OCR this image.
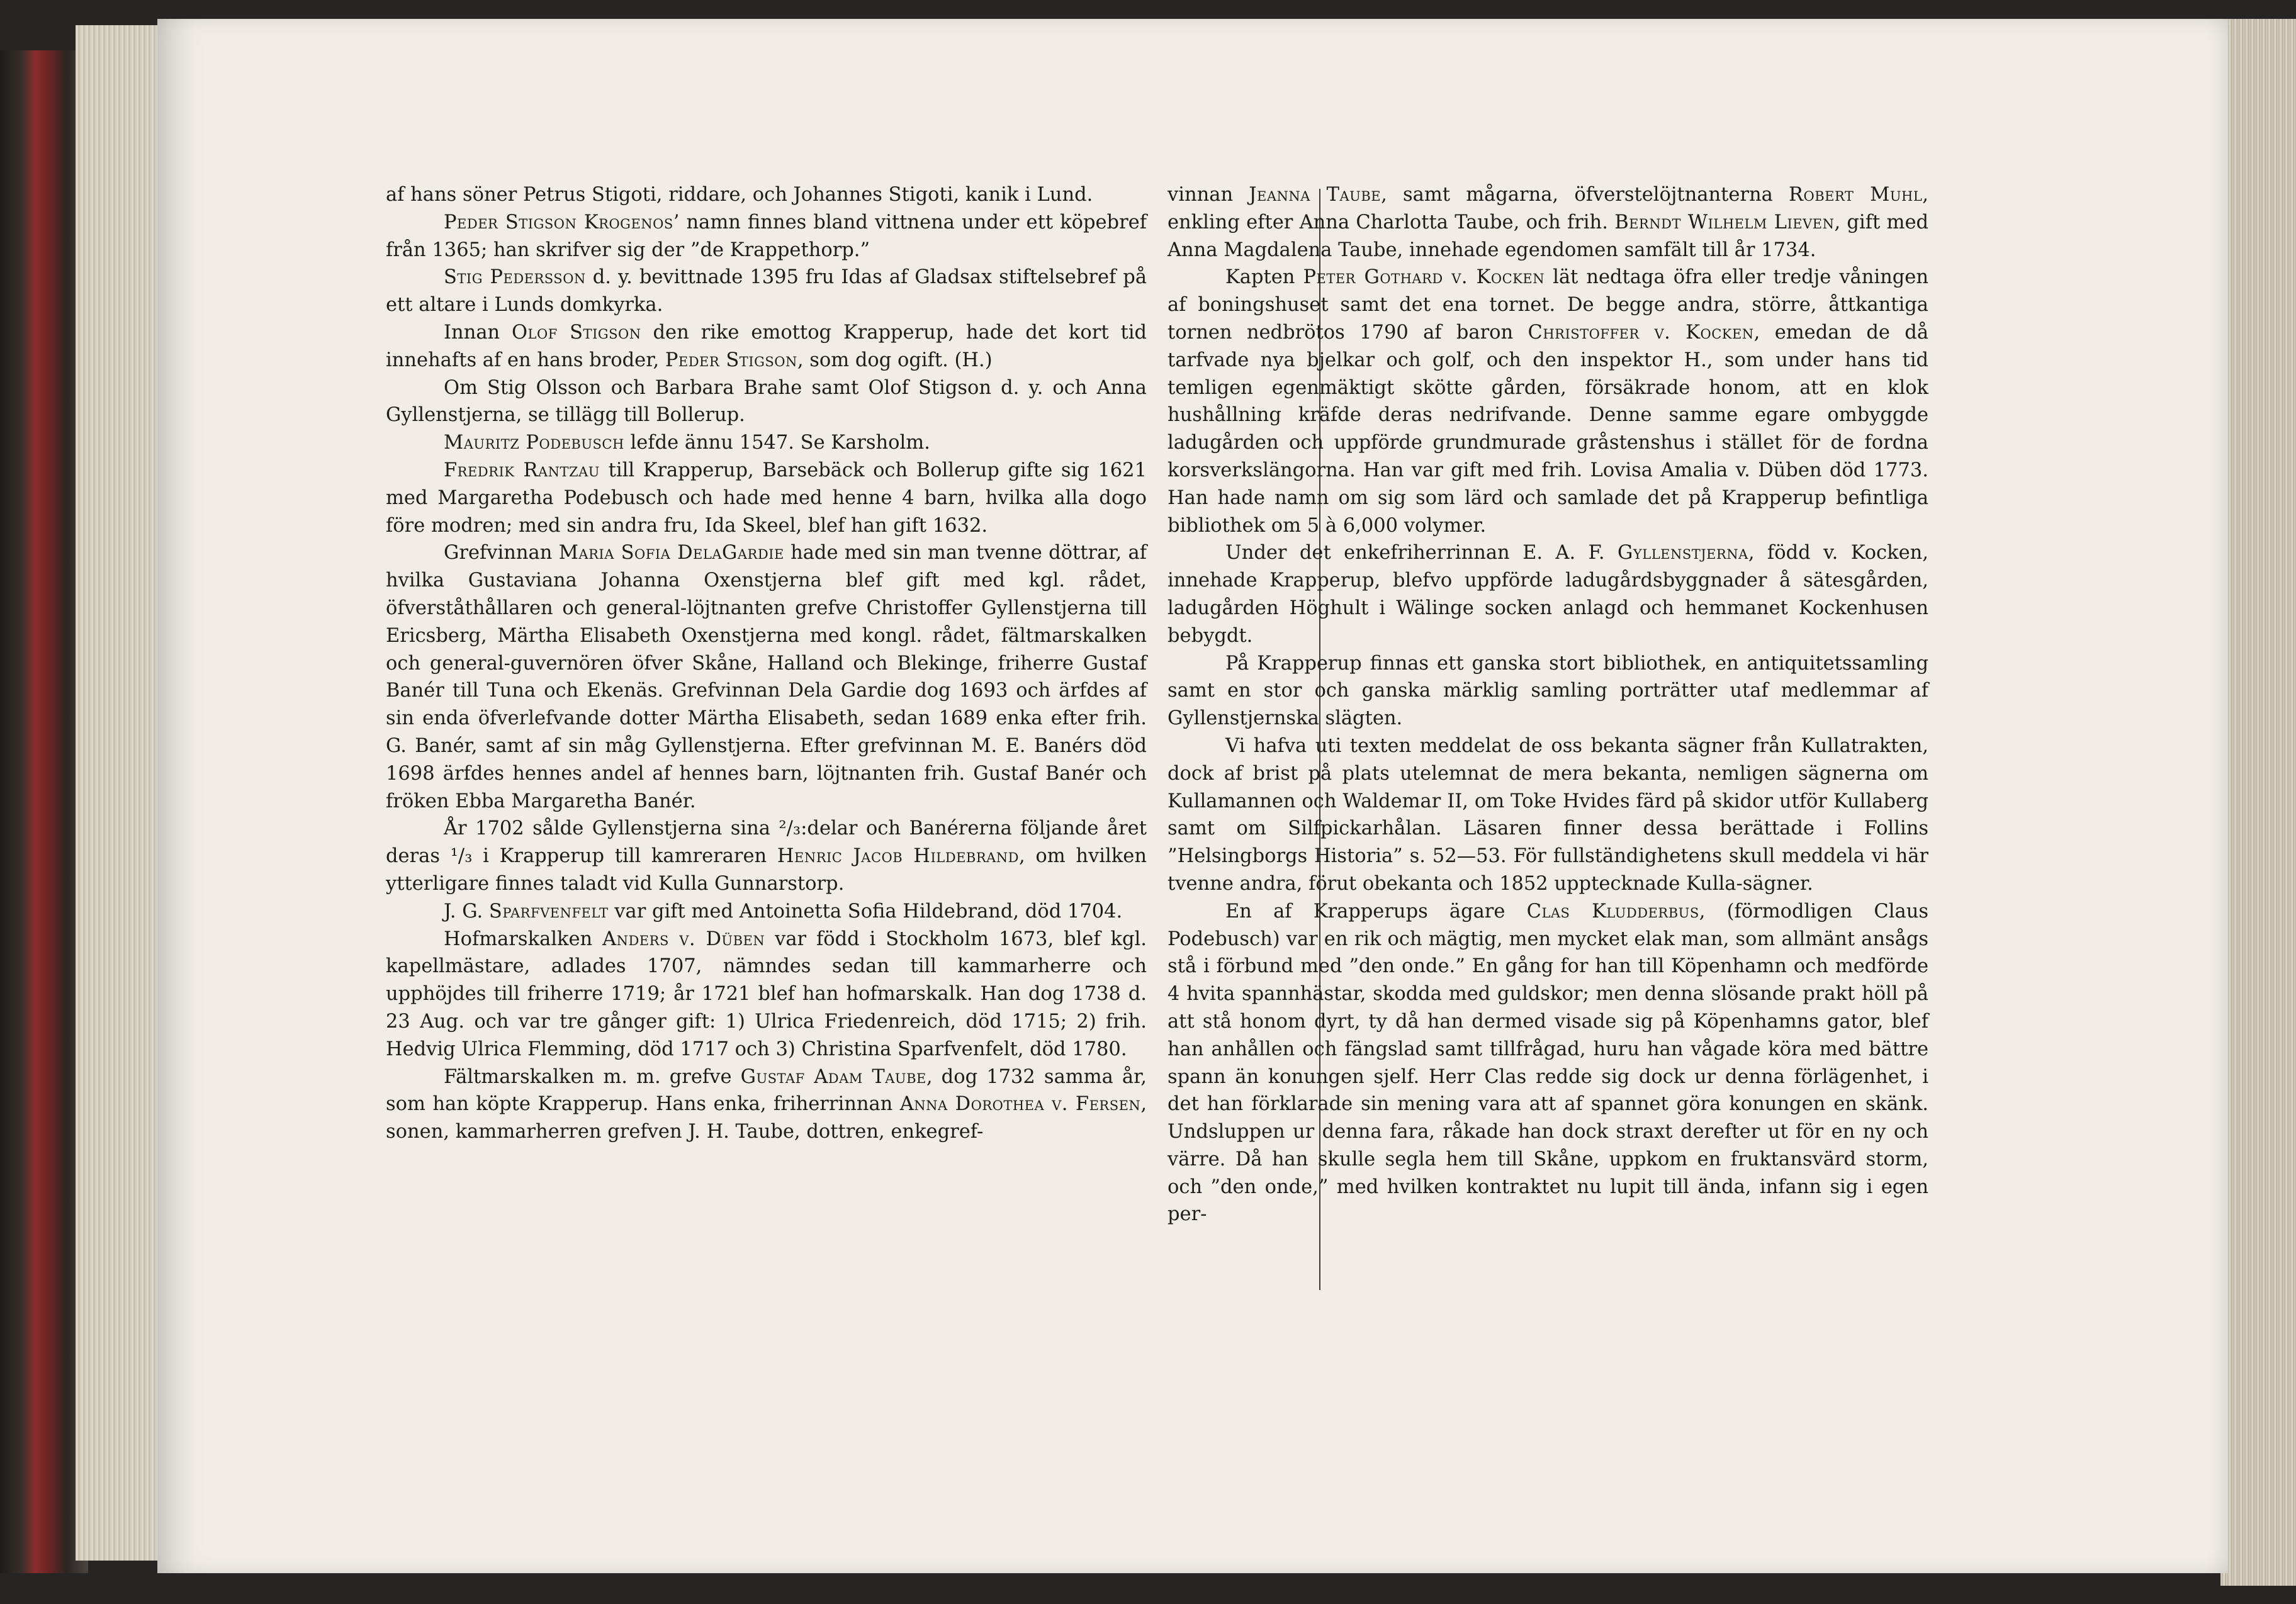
af hans söner Petrus Stigoti, riddare, och Johannes Stigoti, kanik i Lund.

Peder Stigson Krogenos’ namn finnes bland vittnena under ett köpebref från 1365; han skrifver sig der ”de Krappethorp.”

Stig Pedersson d. y. bevittnade 1395 fru Idas af Gladsax stiftelsebref på ett altare i Lunds domkyrka.

Innan Olof Stigson den rike emottog Krapperup, hade det kort tid innehafts af en hans broder, Peder Stigson, som dog ogift. (H.)

Om Stig Olsson och Barbara Brahe samt Olof Stigson d. y. och Anna Gyllenstjerna, se tillägg till Bollerup.

Mauritz Podebusch lefde ännu 1547. Se Karsholm.

Fredrik Rantzau till Krapperup, Barsebäck och Bollerup gifte sig 1621 med Margaretha Podebusch och hade med henne 4 barn, hvilka alla dogo före modren; med sin andra fru, Ida Skeel, blef han gift 1632.

Grefvinnan Maria Sofia DelaGardie hade med sin man tvenne döttrar, af hvilka Gustaviana Johanna Oxenstjerna blef gift med kgl. rådet, öfverståthållaren och general-löjtnanten grefve Christoffer Gyllenstjerna till Ericsberg, Märtha Elisabeth Oxenstjerna med kongl. rådet, fältmarskalken och general-guvernören öfver Skåne, Halland och Blekinge, friherre Gustaf Banér till Tuna och Ekenäs. Grefvinnan Dela Gardie dog 1693 och ärfdes af sin enda öfverlefvande dotter Märtha Elisabeth, sedan 1689 enka efter frih. G. Banér, samt af sin måg Gyllenstjerna. Efter grefvinnan M. E. Banérs död 1698 ärfdes hennes andel af hennes barn, löjtnanten frih. Gustaf Banér och fröken Ebba Margaretha Banér.

År 1702 sålde Gyllenstjerna sina ²/₃:delar och Banérerna följande året deras ¹/₃ i Krapperup till kamreraren Henric Jacob Hildebrand, om hvilken ytterligare finnes taladt vid Kulla Gunnarstorp.

J. G. Sparfvenfelt var gift med Antoinetta Sofia Hildebrand, död 1704.

Hofmarskalken Anders v. Düben var född i Stockholm 1673, blef kgl. kapellmästare, adlades 1707, nämndes sedan till kammarherre och upphöjdes till friherre 1719; år 1721 blef han hofmarskalk. Han dog 1738 d. 23 Aug. och var tre gånger gift: 1) Ulrica Friedenreich, död 1715; 2) frih. Hedvig Ulrica Flemming, död 1717 och 3) Christina Sparfvenfelt, död 1780.

Fältmarskalken m. m. grefve Gustaf Adam Taube, dog 1732 samma år, som han köpte Krapperup. Hans enka, friherrinnan Anna Dorothea v. Fersen, sonen, kammarherren grefven J. H. Taube, dottren, enkegref-

vinnan Jeanna Taube, samt mågarna, öfverstelöjtnanterna Robert Muhl, enkling efter Anna Charlotta Taube, och frih. Berndt Wilhelm Lieven, gift med Anna Magdalena Taube, innehade egendomen samfält till år 1734.

Kapten Peter Gothard v. Kocken lät nedtaga öfra eller tredje våningen af boningshuset samt det ena tornet. De begge andra, större, åttkantiga tornen nedbrötos 1790 af baron Christoffer v. Kocken, emedan de då tarfvade nya bjelkar och golf, och den inspektor H., som under hans tid temligen egenmäktigt skötte gården, försäkrade honom, att en klok hushållning kräfde deras nedrifvande. Denne samme egare ombyggde ladugården och uppförde grundmurade gråstenshus i stället för de fordna korsverkslängorna. Han var gift med frih. Lovisa Amalia v. Düben död 1773. Han hade namn om sig som lärd och samlade det på Krapperup befintliga bibliothek om 5 à 6,000 volymer.

Under det enkefriherrinnan E. A. F. Gyllenstjerna, född v. Kocken, innehade Krapperup, blefvo uppförde ladugårdsbyggnader å sätesgården, ladugården Höghult i Wälinge socken anlagd och hemmanet Kockenhusen bebygdt.

På Krapperup finnas ett ganska stort bibliothek, en antiquitetssamling samt en stor och ganska märklig samling porträtter utaf medlemmar af Gyllenstjernska slägten.

Vi hafva uti texten meddelat de oss bekanta sägner från Kullatrakten, dock af brist på plats utelemnat de mera bekanta, nemligen sägnerna om Kullamannen och Waldemar II, om Toke Hvides färd på skidor utför Kullaberg samt om Silfpickarhålan. Läsaren finner dessa berättade i Follins ”Helsingborgs Historia” s. 52—53. För fullständighetens skull meddela vi här tvenne andra, förut obekanta och 1852 upptecknade Kulla-sägner.

En af Krapperups ägare Clas Kludderbus, (förmodligen Claus Podebusch) var en rik och mägtig, men mycket elak man, som allmänt ansågs stå i förbund med ”den onde.” En gång for han till Köpenhamn och medförde 4 hvita spannhästar, skodda med guldskor; men denna slösande prakt höll på att stå honom dyrt, ty då han dermed visade sig på Köpenhamns gator, blef han anhållen och fängslad samt tillfrågad, huru han vågade köra med bättre spann än konungen sjelf. Herr Clas redde sig dock ur denna förlägenhet, i det han förklarade sin mening vara att af spannet göra konungen en skänk. Undsluppen ur denna fara, råkade han dock straxt derefter ut för en ny och värre. Då han skulle segla hem till Skåne, uppkom en fruktansvärd storm, och ”den onde,” med hvilken kontraktet nu lupit till ända, infann sig i egen per-
